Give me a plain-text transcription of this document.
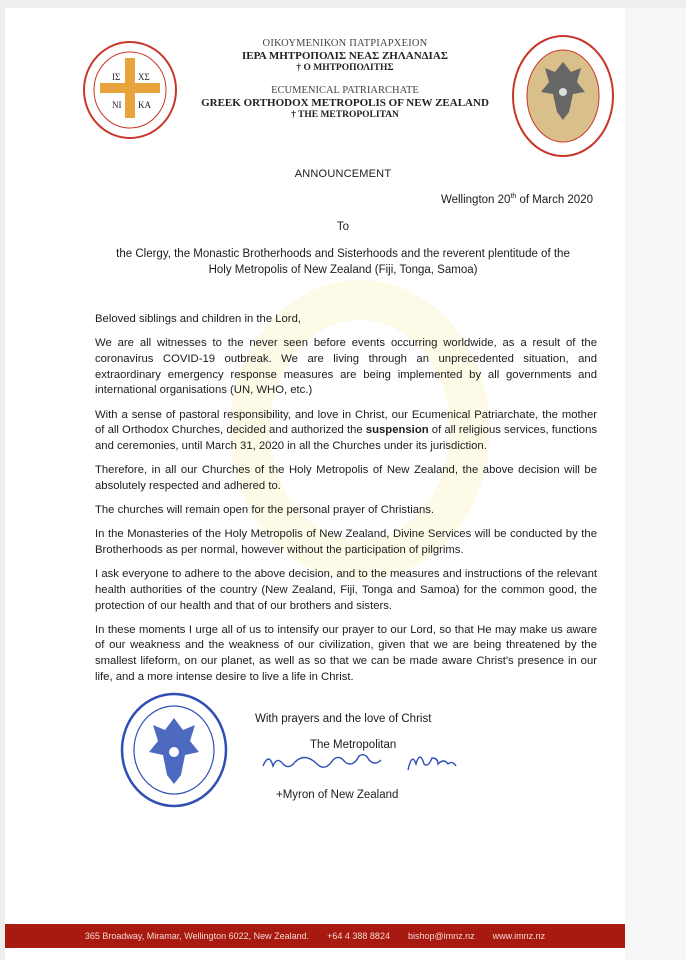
ΙΣ ΧΣ
ΝΙ ΚΑ
ΟΙΚΟΥΜΕΝΙΚΟΝ ΠΑΤΡΙΑΡΧΕΙΟΝ
ΙΕΡΑ ΜΗΤΡΟΠΟΛΙΣ ΝΕΑΣ ΖΗΛΑΝΔΙΑΣ
† Ο ΜΗΤΡΟΠΟΛΙΤΗΣ
ECUMENICAL PATRIARCHATE
GREEK ORTHODOX METROPOLIS OF NEW ZEALAND
† THE METROPOLITAN
ANNOUNCEMENT
Wellington 20th of March 2020
To
the Clergy, the Monastic Brotherhoods and Sisterhoods and the reverent plentitude of the Holy Metropolis of New Zealand (Fiji, Tonga, Samoa)

Beloved siblings and children in the Lord,

We are all witnesses to the never seen before events occurring worldwide, as a result of the coronavirus COVID-19 outbreak. We are living through an unprecedented situation, and extraordinary emergency response measures are being implemented by all governments and international organisations (UN, WHO, etc.)

With a sense of pastoral responsibility, and love in Christ, our Ecumenical Patriarchate, the mother of all Orthodox Churches, decided and authorized the suspension of all religious services, functions and ceremonies, until March 31, 2020 in all the Churches under its jurisdiction.

Therefore, in all our Churches of the Holy Metropolis of New Zealand, the above decision will be absolutely respected and adhered to.

The churches will remain open for the personal prayer of Christians.

In the Monasteries of the Holy Metropolis of New Zealand, Divine Services will be conducted by the Brotherhoods as per normal, however without the participation of pilgrims.

I ask everyone to adhere to the above decision, and to the measures and instructions of the relevant health authorities of the country (New Zealand, Fiji, Tonga and Samoa) for the common good, the protection of our health and that of our brothers and sisters.

In these moments I urge all of us to intensify our prayer to our Lord, so that He may make us aware of our weakness and the weakness of our civilization, given that we are being threatened by the smallest lifeform, on our planet, as well as so that we can be made aware Christ's presence in our life, and a more intense desire to live a life in Christ.

With prayers and the love of Christ
The Metropolitan
+Myron of New Zealand
365 Broadway, Miramar, Wellington 6022, New Zealand. +64 4 388 8824 bishop@imnz.nz www.imnz.nz
